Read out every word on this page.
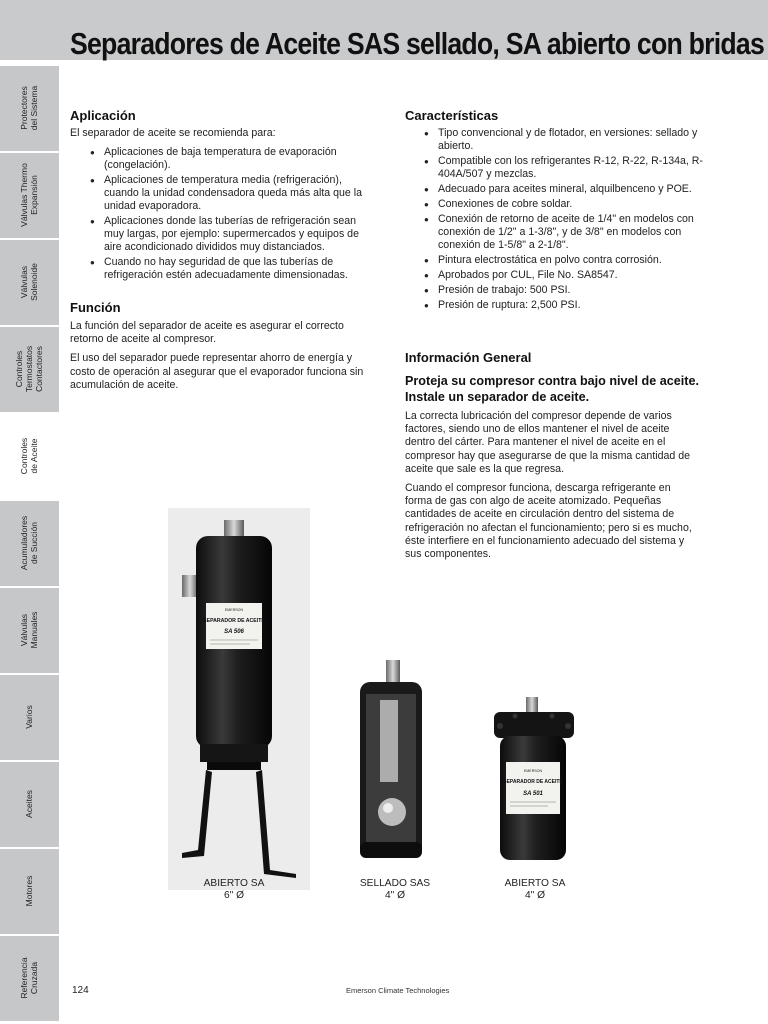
Separadores de Aceite SAS sellado, SA abierto con bridas
Protectores
del Sistema
Válvulas Thermo
Expansión
Válvulas
Solenoide
Controles
Termostatos
Contactores
Controles
de Aceite
Acumuladores
de Succión
Válvulas
Manuales
Varios
Aceites
Motores
Referencia
Cruzada
Aplicación

El separador de aceite se recomienda para:

● Aplicaciones de baja temperatura de evaporación (congelación).
● Aplicaciones de temperatura media (refrigeración), cuando la unidad condensadora queda más alta que la unidad evaporadora.
● Aplicaciones donde las tuberías de refrigeración sean muy largas, por ejemplo: supermercados y equipos de aire acondicionado divididos muy distanciados.
● Cuando no hay seguridad de que las tuberías de refrigeración estén adecuadamente dimensionadas.
Función

La función del separador de aceite es asegurar el correcto retorno de aceite al compresor.

El uso del separador puede representar ahorro de energía y costo de operación al asegurar que el evaporador funciona sin acumulación de aceite.

Características
● Tipo convencional y de flotador, en versiones: sellado y abierto.
● Compatible con los refrigerantes R-12, R-22, R-134a, R-404A/507 y mezclas.
● Adecuado para aceites mineral, alquilbenceno y POE.
● Conexiones de cobre soldar.
● Conexión de retorno de aceite de 1/4" en modelos con conexión de 1/2" a 1-3/8", y de 3/8" en modelos con conexión de 1-5/8" a 2-1/8".
● Pintura electrostática en polvo contra corrosión.
● Aprobados por CUL, File No. SA8547.
● Presión de trabajo: 500 PSI.
● Presión de ruptura: 2,500 PSI.
Información General
Proteja su compresor contra bajo nivel de aceite. Instale un separador de aceite.

La correcta lubricación del compresor depende de varios factores, siendo uno de ellos mantener el nivel de aceite dentro del cárter. Para mantener el nivel de aceite en el compresor hay que asegurarse de que la misma cantidad de aceite que sale es la que regresa.

Cuando el compresor funciona, descarga refrigerante en forma de gas con algo de aceite atomizado. Pequeñas cantidades de aceite en circulación dentro del sistema de refrigeración no afectan el funcionamiento; pero si es mucho, éste interfiere en el funcionamiento adecuado del sistema y sus componentes.

EMERSON
SEPARADOR DE ACEITE
SA 506
EMERSON
SEPARADOR DE ACEITE
SA 501
ABIERTO SA
6" Ø
SELLADO SAS
4" Ø
ABIERTO SA
4" Ø
124	Emerson Climate Technologies
